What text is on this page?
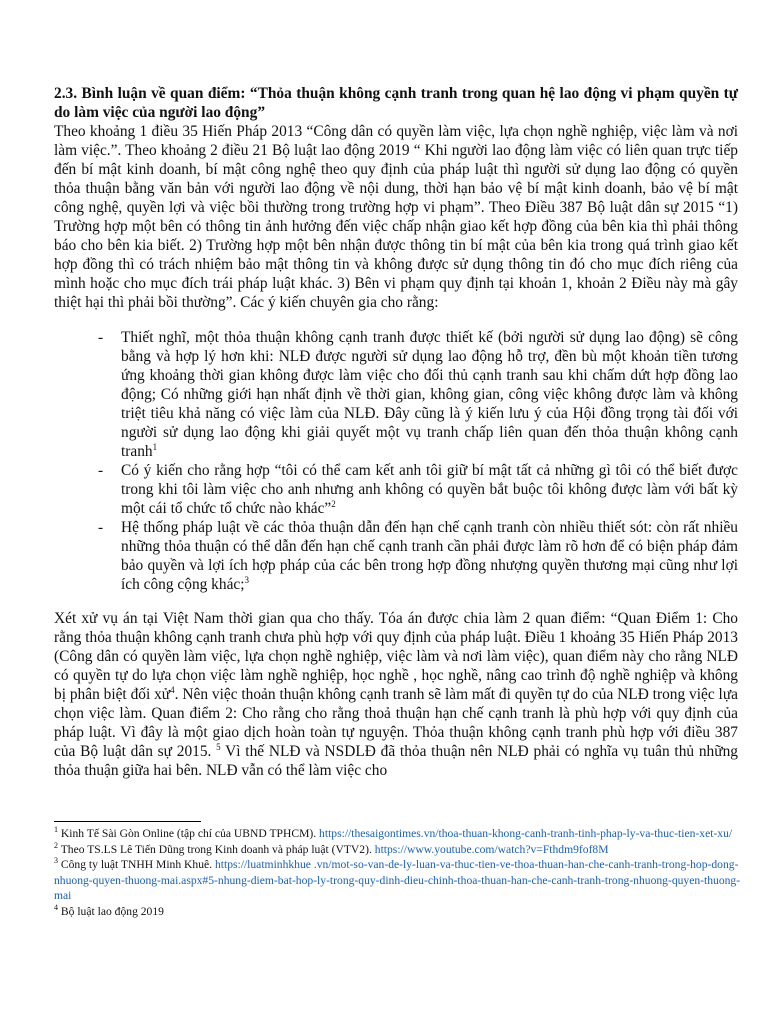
2.3. Bình luận về quan điểm: “Thỏa thuận không cạnh tranh trong quan hệ lao động vi phạm quyền tự do làm việc của người lao động”

Theo khoảng 1 điều 35 Hiến Pháp 2013 “Công dân có quyền làm việc, lựa chọn nghề nghiệp, việc làm và nơi làm việc.”. Theo khoảng 2 điều 21 Bộ luật lao động 2019 “ Khi người lao động làm việc có liên quan trực tiếp đến bí mật kinh doanh, bí mật công nghệ theo quy định của pháp luật thì người sử dụng lao động có quyền thỏa thuận bằng văn bản với người lao động về nội dung, thời hạn bảo vệ bí mật kinh doanh, bảo vệ bí mật công nghệ, quyền lợi và việc bồi thường trong trường hợp vi phạm”. Theo Điều 387 Bộ luật dân sự 2015 “1) Trường hợp một bên có thông tin ảnh hưởng đến việc chấp nhận giao kết hợp đồng của bên kia thì phải thông báo cho bên kia biết. 2) Trường hợp một bên nhận được thông tin bí mật của bên kia trong quá trình giao kết hợp đồng thì có trách nhiệm bảo mật thông tin và không được sử dụng thông tin đó cho mục đích riêng của mình hoặc cho mục đích trái pháp luật khác. 3) Bên vi phạm quy định tại khoản 1, khoản 2 Điều này mà gây thiệt hại thì phải bồi thường”. Các ý kiến chuyên gia cho rằng:

- Thiết nghĩ, một thỏa thuận không cạnh tranh được thiết kế (bởi người sử dụng lao động) sẽ công bằng và hợp lý hơn khi: NLĐ được người sử dụng lao động hỗ trợ, đền bù một khoản tiền tương ứng khoảng thời gian không được làm việc cho đối thủ cạnh tranh sau khi chấm dứt hợp đồng lao động; Có những giới hạn nhất định về thời gian, không gian, công việc không được làm và không triệt tiêu khả năng có việc làm của NLĐ. Đây cũng là ý kiến lưu ý của Hội đồng trọng tài đối với người sử dụng lao động khi giải quyết một vụ tranh chấp liên quan đến thỏa thuận không cạnh tranh$^1$
- Có ý kiến cho rằng hợp “tôi có thể cam kết anh tôi giữ bí mật tất cả những gì tôi có thể biết được trong khi tôi làm việc cho anh nhưng anh không có quyền bắt buộc tôi không được làm với bất kỳ một cái tổ chức tổ chức nào khác”$^2$
- Hệ thống pháp luật về các thỏa thuận dẫn đến hạn chế cạnh tranh còn nhiều thiết sót: còn rất nhiều những thỏa thuận có thể dẫn đến hạn chế cạnh tranh cần phải được làm rõ hơn để có biện pháp đảm bảo quyền và lợi ích hợp pháp của các bên trong hợp đồng nhượng quyền thương mại cũng như lợi ích công cộng khác;$^3$

Xét xử vụ án tại Việt Nam thời gian qua cho thấy. Tóa án được chia làm 2 quan điểm: “Quan Điểm 1: Cho rằng thỏa thuận không cạnh tranh chưa phù hợp với quy định của pháp luật. Điều 1 khoảng 35 Hiến Pháp 2013 (Công dân có quyền làm việc, lựa chọn nghề nghiệp, việc làm và nơi làm việc), quan điểm này cho rằng NLĐ có quyền tự do lựa chọn việc làm nghề nghiệp, học nghề , học nghề, nâng cao trình độ nghề nghiệp và không bị phân biệt đối xử$^4$. Nên việc thoản thuận không cạnh tranh sẽ làm mất đi quyền tự do của NLĐ trong việc lựa chọn việc làm. Quan điểm 2: Cho rằng cho rằng thoả thuận hạn chế cạnh tranh là phù hợp với quy định của pháp luật. Vì đây là một giao dịch hoàn toàn tự nguyện. Thỏa thuận không cạnh tranh phù hợp với điều 387 của Bộ luật dân sự 2015. $^5$ Vì thế NLĐ và NSDLĐ đã thỏa thuận nên NLĐ phải có nghĩa vụ tuân thủ những thỏa thuận giữa hai bên. NLĐ vẫn có thể làm việc cho

$^1$ Kinh Tế Sài Gòn Online (tập chí của UBND TPHCM). https://thesaigontimes.vn/thoa-thuan-khong-canh-tranh-tinh-phap-ly-va-thuc-tien-xet-xu/
$^2$ Theo TS.LS Lê Tiến Dũng trong Kinh doanh và pháp luật (VTV2). https://www.youtube.com/watch?v=Fthdm9fof8M
$^3$ Công ty luật TNHH Minh Khuê. https://luatminhkhue .vn/mot-so-van-de-ly-luan-va-thuc-tien-ve-thoa-thuan-han-che-canh-tranh-trong-hop-dong-nhuong-quyen-thuong-mai.aspx#5-nhung-diem-bat-hop-ly-trong-quy-dinh-dieu-chinh-thoa-thuan-han-che-canh-tranh-trong-nhuong-quyen-thuong-mai
$^4$ Bộ luật lao động 2019
